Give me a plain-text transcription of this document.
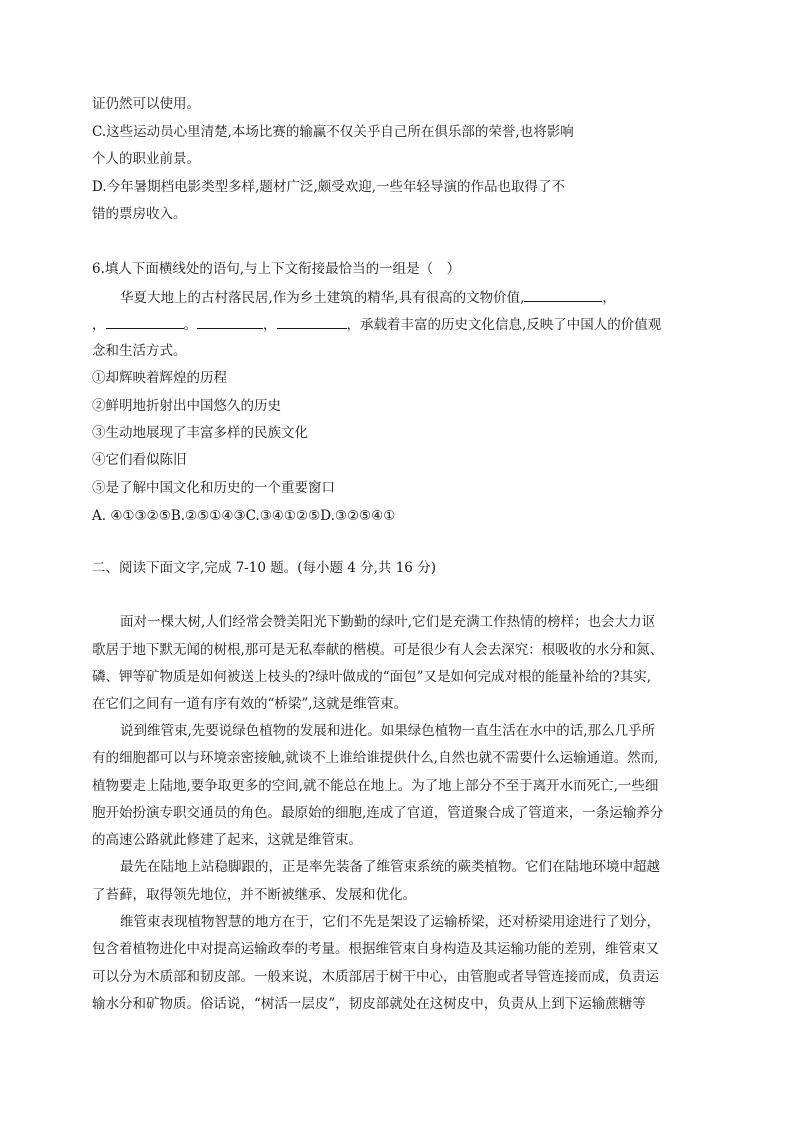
证仍然可以使用。
C.这些运动员心里清楚,本场比赛的输赢不仅关乎自己所在俱乐部的荣誉,也将影响
个人的职业前景。
D.今年暑期档电影类型多样,题材广泛,颇受欢迎,一些年轻导演的作品也取得了不
错的票房收入。
6.填人下面横线处的语句,与上下文衔接最恰当的一组是（　）
华夏大地上的古村落民居,作为乡土建筑的精华,具有很高的文物价值,	，
，	。	，	，承载着丰富的历史文化信息,反映了中国人的价值观
念和生活方式。
①却辉映着辉煌的历程
②鲜明地折射出中国悠久的历史
③生动地展现了丰富多样的民族文化
④它们看似陈旧
⑤是了解中国文化和历史的一个重要窗口
A. ④①③②⑤B.②⑤①④③C.③④①②⑤D.③②⑤④①
二、阅读下面文字,完成 7-10 题。(每小题 4 分,共 16 分)
面对一棵大树,人们经常会赞美阳光下勤勤的绿叶,它们是充满工作热情的榜样；也会大力讴
歌居于地下默无闻的树根,那可是无私奉献的楷模。可是很少有人会去深究：根吸收的水分和氮、
磷、钾等矿物质是如何被送上枝头的?绿叶做成的“面包”又是如何完成对根的能量补给的?其实,
在它们之间有一道有序有效的“桥梁”,这就是维管束。
说到维管束,先要说绿色植物的发展和进化。如果绿色植物一直生活在水中的话,那么几乎所
有的细胞都可以与环境亲密接触,就谈不上谁给谁提供什么,自然也就不需要什么运输通道。然而,
植物要走上陆地,要争取更多的空间,就不能总在地上。为了地上部分不至于离开水而死亡,一些细
胞开始扮演专职交通员的角色。最原始的细胞,连成了官道，管道聚合成了管道来，一条运输养分
的高速公路就此修建了起来，这就是维管束。
最先在陆地上站稳脚跟的，正是率先装备了维管束系统的蕨类植物。它们在陆地环境中超越
了苔藓，取得领先地位，并不断被继承、发展和优化。
维管束表现植物智慧的地方在于，它们不先是架设了运输桥梁，还对桥梁用途进行了划分，
包含着植物进化中对提高运输政奉的考量。根据维管束自身构造及其运输功能的差别，维管束又
可以分为木质部和韧皮部。一般来说，木质部居于树干中心，由管胞或者导管连接而成，负责运
输水分和矿物质。俗话说，“树活一层皮”，韧皮部就处在这树皮中，负责从上到下运输蔗糖等
